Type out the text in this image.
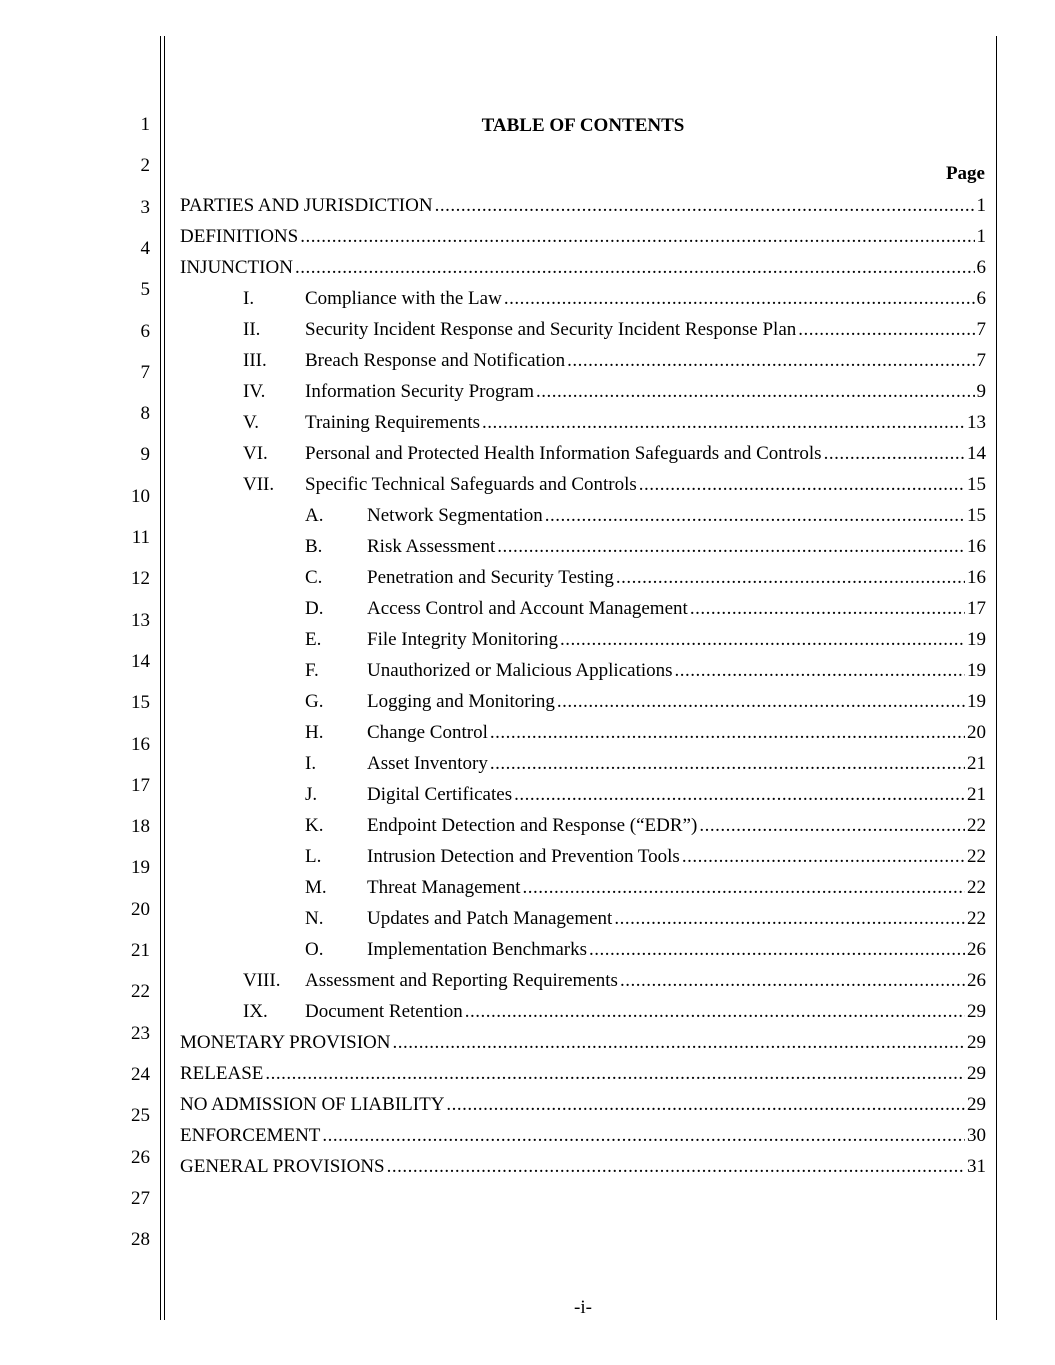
1
2
3
4
5
6
7
8
9
10
11
12
13
14
15
16
17
18
19
20
21
22
23
24
25
26
27
28
TABLE OF CONTENTS
Page
PARTIES AND JURISDICTION .....	1
DEFINITIONS .....	1
INJUNCTION .....	6
I.	Compliance with the Law .....	6
II.	Security Incident Response and Security Incident Response Plan .....	7
III.	Breach Response and Notification .....	7
IV.	Information Security Program .....	9
V.	Training Requirements .....	13
VI.	Personal and Protected Health Information Safeguards and Controls .....	14
VII.	Specific Technical Safeguards and Controls .....	15
A.	Network Segmentation .....	15
B.	Risk Assessment .....	16
C.	Penetration and Security Testing .....	16
D.	Access Control and Account Management .....	17
E.	File Integrity Monitoring .....	19
F.	Unauthorized or Malicious Applications .....	19
G.	Logging and Monitoring .....	19
H.	Change Control .....	20
I.	Asset Inventory .....	21
J.	Digital Certificates .....	21
K.	Endpoint Detection and Response (“EDR”) .....	22
L.	Intrusion Detection and Prevention Tools .....	22
M.	Threat Management .....	22
N.	Updates and Patch Management .....	22
O.	Implementation Benchmarks .....	26
VIII.	Assessment and Reporting Requirements .....	26
IX.	Document Retention .....	29
MONETARY PROVISION .....	29
RELEASE .....	29
NO ADMISSION OF LIABILITY .....	29
ENFORCEMENT .....	30
GENERAL PROVISIONS .....	31
-i-
